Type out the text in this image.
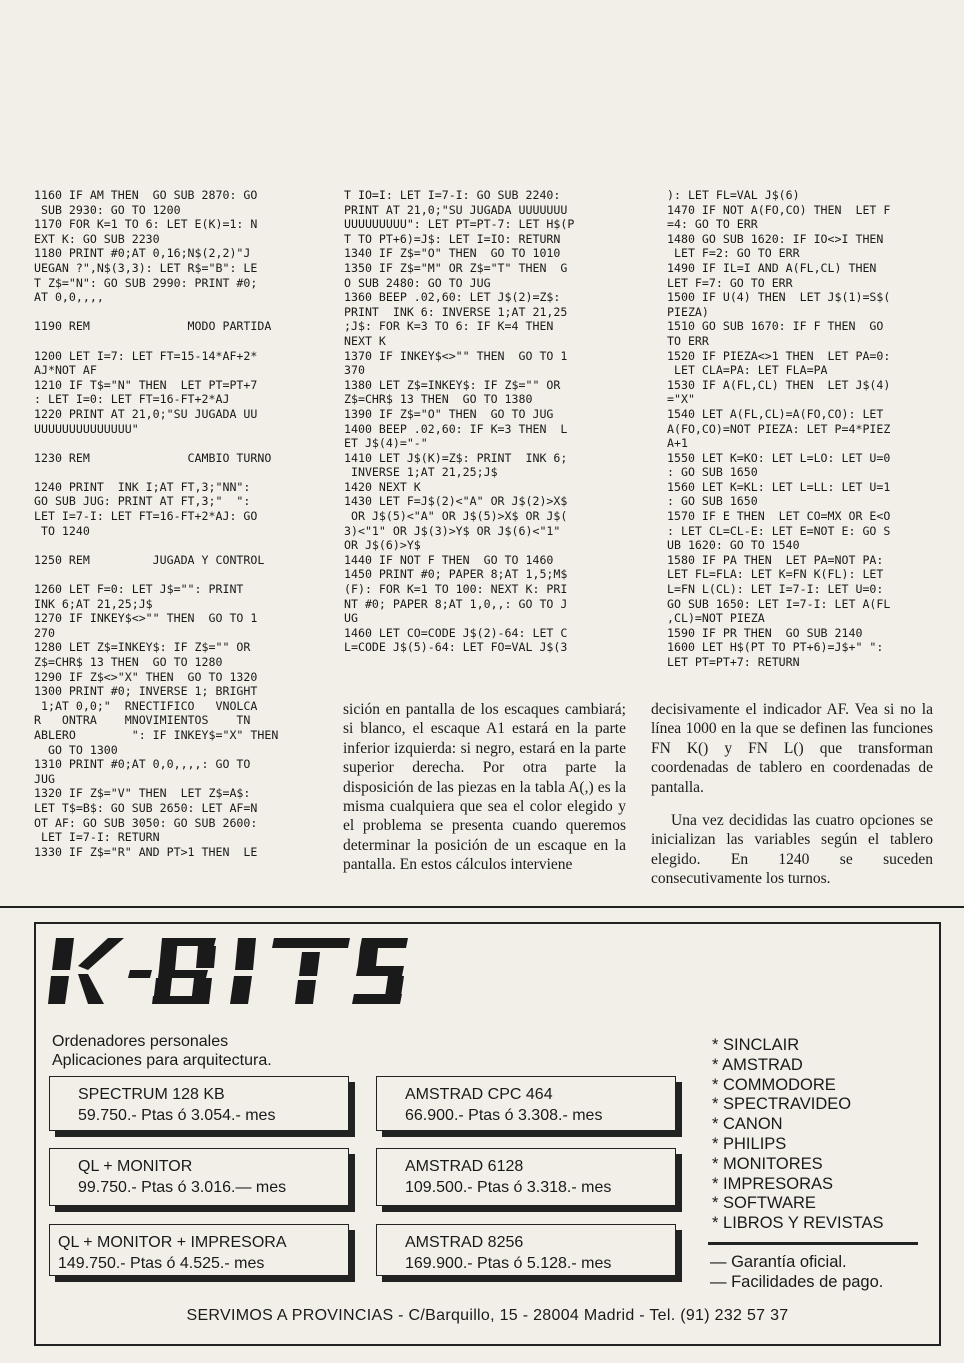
1160 IF AM THEN  GO SUB 2870: GO
SUB 2930: GO TO 1200
1170 FOR K=1 TO 6: LET E(K)=1: N
EXT K: GO SUB 2230
1180 PRINT #0;AT 0,16;N$(2,2)"J
UEGAN ?",N$(3,3): LET R$="B": LE
T Z$="N": GO SUB 2990: PRINT #0;
AT 0,0,,,,

1190 REM              MODO PARTIDA

1200 LET I=7: LET FT=15-14*AF+2*
AJ*NOT AF
1210 IF T$="N" THEN  LET PT=PT+7
: LET I=0: LET FT=16-FT+2*AJ
1220 PRINT AT 21,0;"SU JUGADA UU
UUUUUUUUUUUUUU"

1230 REM              CAMBIO TURNO

1240 PRINT  INK I;AT FT,3;"NN":
GO SUB JUG: PRINT AT FT,3;"  ":
LET I=7-I: LET FT=16-FT+2*AJ: GO
TO 1240

1250 REM         JUGADA Y CONTROL

1260 LET F=0: LET J$="": PRINT
INK 6;AT 21,25;J$
1270 IF INKEY$<>"" THEN  GO TO 1
270
1280 LET Z$=INKEY$: IF Z$="" OR
Z$=CHR$ 13 THEN  GO TO 1280
1290 IF Z$<>"X" THEN  GO TO 1320
1300 PRINT #0; INVERSE 1; BRIGHT
1;AT 0,0;"  RNECTIFICO   VNOLCA
R   ONTRA    MNOVIMIENTOS    TN
ABLERO        ": IF INKEY$="X" THEN
GO TO 1300
1310 PRINT #0;AT 0,0,,,,: GO TO
JUG
1320 IF Z$="V" THEN  LET Z$=A$:
LET T$=B$: GO SUB 2650: LET AF=N
OT AF: GO SUB 3050: GO SUB 2600:
LET I=7-I: RETURN
1330 IF Z$="R" AND PT>1 THEN  LE
T IO=I: LET I=7-I: GO SUB 2240:
PRINT AT 21,0;"SU JUGADA UUUUUUU
UUUUUUUUU": LET PT=PT-7: LET H$(P
T TO PT+6)=J$: LET I=IO: RETURN
1340 IF Z$="O" THEN  GO TO 1010
1350 IF Z$="M" OR Z$="T" THEN  G
O SUB 2480: GO TO JUG
1360 BEEP .02,60: LET J$(2)=Z$:
PRINT  INK 6: INVERSE 1;AT 21,25
;J$: FOR K=3 TO 6: IF K=4 THEN
NEXT K
1370 IF INKEY$<>"" THEN  GO TO 1
370
1380 LET Z$=INKEY$: IF Z$="" OR
Z$=CHR$ 13 THEN  GO TO 1380
1390 IF Z$="O" THEN  GO TO JUG
1400 BEEP .02,60: IF K=3 THEN  L
ET J$(4)="-"
1410 LET J$(K)=Z$: PRINT  INK 6;
INVERSE 1;AT 21,25;J$
1420 NEXT K
1430 LET F=J$(2)<"A" OR J$(2)>X$
OR J$(5)<"A" OR J$(5)>X$ OR J$(
3)<"1" OR J$(3)>Y$ OR J$(6)<"1"
OR J$(6)>Y$
1440 IF NOT F THEN  GO TO 1460
1450 PRINT #0; PAPER 8;AT 1,5;M$
(F): FOR K=1 TO 100: NEXT K: PRI
NT #0; PAPER 8;AT 1,0,,: GO TO J
UG
1460 LET CO=CODE J$(2)-64: LET C
L=CODE J$(5)-64: LET FO=VAL J$(3
): LET FL=VAL J$(6)
1470 IF NOT A(FO,CO) THEN  LET F
=4: GO TO ERR
1480 GO SUB 1620: IF IO<>I THEN
LET F=2: GO TO ERR
1490 IF IL=I AND A(FL,CL) THEN
LET F=7: GO TO ERR
1500 IF U(4) THEN  LET J$(1)=S$(
PIEZA)
1510 GO SUB 1670: IF F THEN  GO
TO ERR
1520 IF PIEZA<>1 THEN  LET PA=0:
LET CLA=PA: LET FLA=PA
1530 IF A(FL,CL) THEN  LET J$(4)
="X"
1540 LET A(FL,CL)=A(FO,CO): LET
A(FO,CO)=NOT PIEZA: LET P=4*PIEZ
A+1
1550 LET K=KO: LET L=LO: LET U=0
: GO SUB 1650
1560 LET K=KL: LET L=LL: LET U=1
: GO SUB 1650
1570 IF E THEN  LET CO=MX OR E<O
: LET CL=CL-E: LET E=NOT E: GO S
UB 1620: GO TO 1540
1580 IF PA THEN  LET PA=NOT PA:
LET FL=FLA: LET K=FN K(FL): LET
L=FN L(CL): LET I=7-I: LET U=0:
GO SUB 1650: LET I=7-I: LET A(FL
,CL)=NOT PIEZA
1590 IF PR THEN  GO SUB 2140
1600 LET H$(PT TO PT+6)=J$+" ":
LET PT=PT+7: RETURN

sición en pantalla de los escaques cambiará; si blanco, el escaque A1 estará en la parte inferior izquierda: si negro, estará en la parte superior derecha. Por otra parte la disposición de las piezas en la tabla A(,) es la misma cualquiera que sea el color elegido y el problema se presenta cuando queremos determinar la posición de un escaque en la pantalla. En estos cálculos interviene

decisivamente el indicador AF. Vea si no la línea 1000 en la que se definen las funciones FN K() y FN L() que transforman coordenadas de tablero en coordenadas de pantalla.

Una vez decididas las cuatro opciones se inicializan las variables según el tablero elegido. En 1240 se suceden consecutivamente los turnos.

Ordenadores personales
Aplicaciones para arquitectura.
SPECTRUM 128 KB
59.750.- Ptas ó 3.054.- mes
AMSTRAD CPC 464
66.900.- Ptas ó 3.308.- mes
QL + MONITOR
99.750.- Ptas ó 3.016.— mes
AMSTRAD 6128
109.500.- Ptas ó 3.318.- mes
QL + MONITOR + IMPRESORA
149.750.- Ptas ó 4.525.- mes
AMSTRAD 8256
169.900.- Ptas ó 5.128.- mes
* SINCLAIR
* AMSTRAD
* COMMODORE
* SPECTRAVIDEO
* CANON
* PHILIPS
* MONITORES
* IMPRESORAS
* SOFTWARE
* LIBROS Y REVISTAS
— Garantía oficial.
— Facilidades de pago.
SERVIMOS A PROVINCIAS - C/Barquillo, 15 - 28004 Madrid - Tel. (91) 232 57 37
